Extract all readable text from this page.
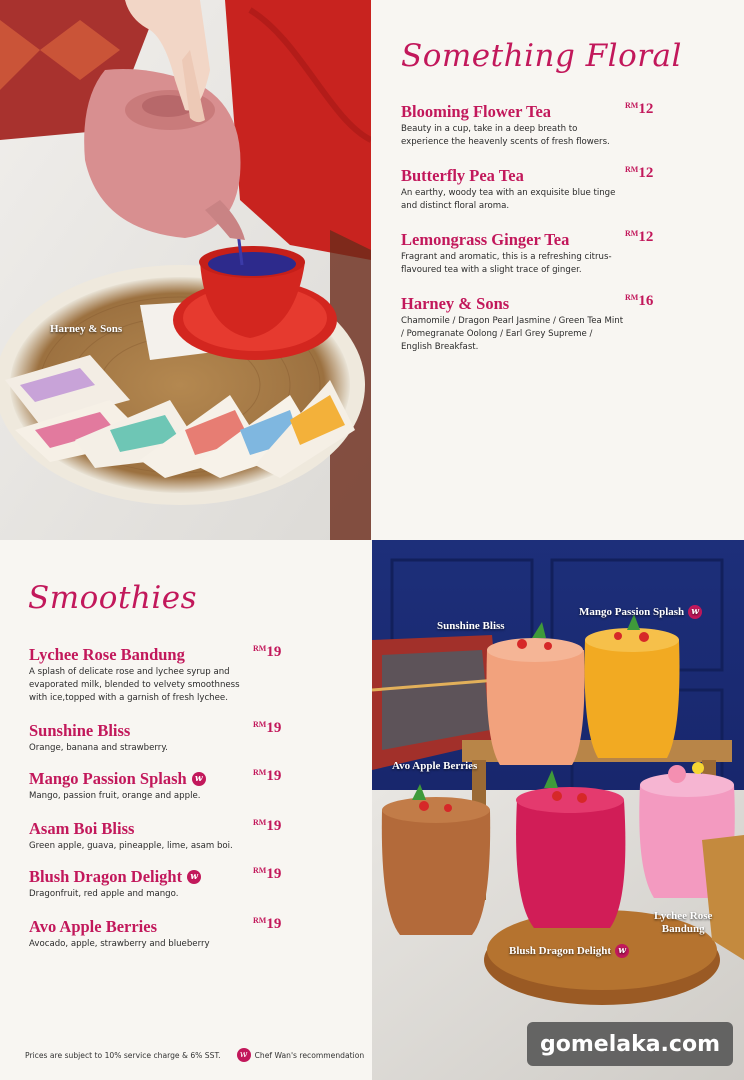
Harney & Sons
Something Floral
Blooming Flower Tea
Beauty in a cup, take in a deep breath to experience the heavenly scents of fresh flowers.
$^{RM}$12
Butterfly Pea Tea
An earthy, woody tea with an exquisite blue tinge and distinct floral aroma.
$^{RM}$12
Lemongrass Ginger Tea
Fragrant and aromatic, this is a refreshing citrus-flavoured tea with a slight trace of ginger.
$^{RM}$12
Harney & Sons
Chamomile / Dragon Pearl Jasmine / Green Tea Mint / Pomegranate Oolong / Earl Grey Supreme / English Breakfast.
$^{RM}$16
Smoothies
Lychee Rose Bandung
A splash of delicate rose and lychee syrup and evaporated milk, blended to velvety smoothness with ice,topped with a garnish of fresh lychee.
$^{RM}$19
Sunshine Bliss
Orange, banana and strawberry.
$^{RM}$19
Mango Passion Splash w
Mango, passion fruit, orange and apple.
$^{RM}$19
Asam Boi Bliss
Green apple, guava, pineapple, lime, asam boi.
$^{RM}$19
Blush Dragon Delight w
Dragonfruit, red apple and mango.
$^{RM}$19
Avo Apple Berries
Avocado, apple, strawberry and blueberry
$^{RM}$19
Sunshine Bliss
Mango Passion Splash w
Avo Apple Berries
Blush Dragon Delight w
Lychee Rose
Bandung
Prices are subject to 10% service charge & 6% SST.	w Chef Wan's recommendation	gomelaka.com
